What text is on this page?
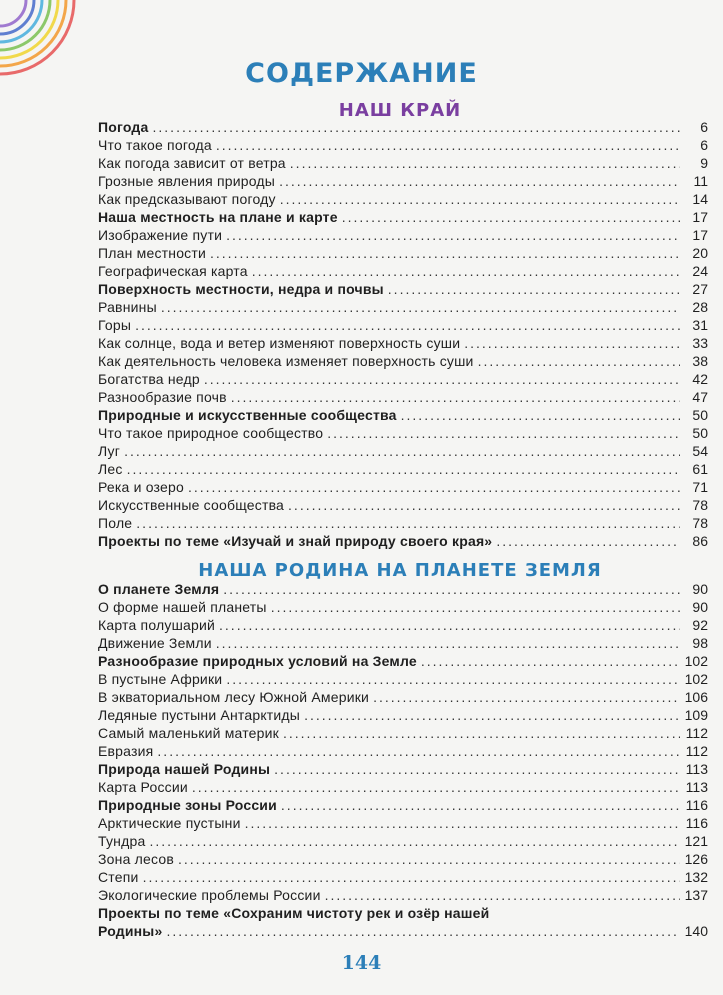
СОДЕРЖАНИЕ
НАШ КРАЙ
Погода .....	6
Что такое погода .....	6
Как погода зависит от ветра .....	9
Грозные явления природы .....	11
Как предсказывают погоду .....	14
Наша местность на плане и карте .....	17
Изображение пути .....	17
План местности .....	20
Географическая карта .....	24
Поверхность местности, недра и почвы .....	27
Равнины .....	28
Горы .....	31
Как солнце, вода и ветер изменяют поверхность суши .....	33
Как деятельность человека изменяет поверхность суши .....	38
Богатства недр .....	42
Разнообразие почв .....	47
Природные и искусственные сообщества .....	50
Что такое природное сообщество .....	50
Луг .....	54
Лес .....	61
Река и озеро .....	71
Искусственные сообщества .....	78
Поле .....	78
Проекты по теме «Изучай и знай природу своего края» .....	86
НАША РОДИНА НА ПЛАНЕТЕ ЗЕМЛЯ
О планете Земля .....	90
О форме нашей планеты .....	90
Карта полушарий .....	92
Движение Земли .....	98
Разнообразие природных условий на Земле .....	102
В пустыне Африки .....	102
В экваториальном лесу Южной Америки .....	106
Ледяные пустыни Антарктиды .....	109
Самый маленький материк .....	112
Евразия .....	112
Природа нашей Родины .....	113
Карта России .....	113
Природные зоны России .....	116
Арктические пустыни .....	116
Тундра .....	121
Зона лесов .....	126
Степи .....	132
Экологические проблемы России .....	137
Проекты по теме «Сохраним чистоту рек и озёр нашей
Родины» .....	140
144
